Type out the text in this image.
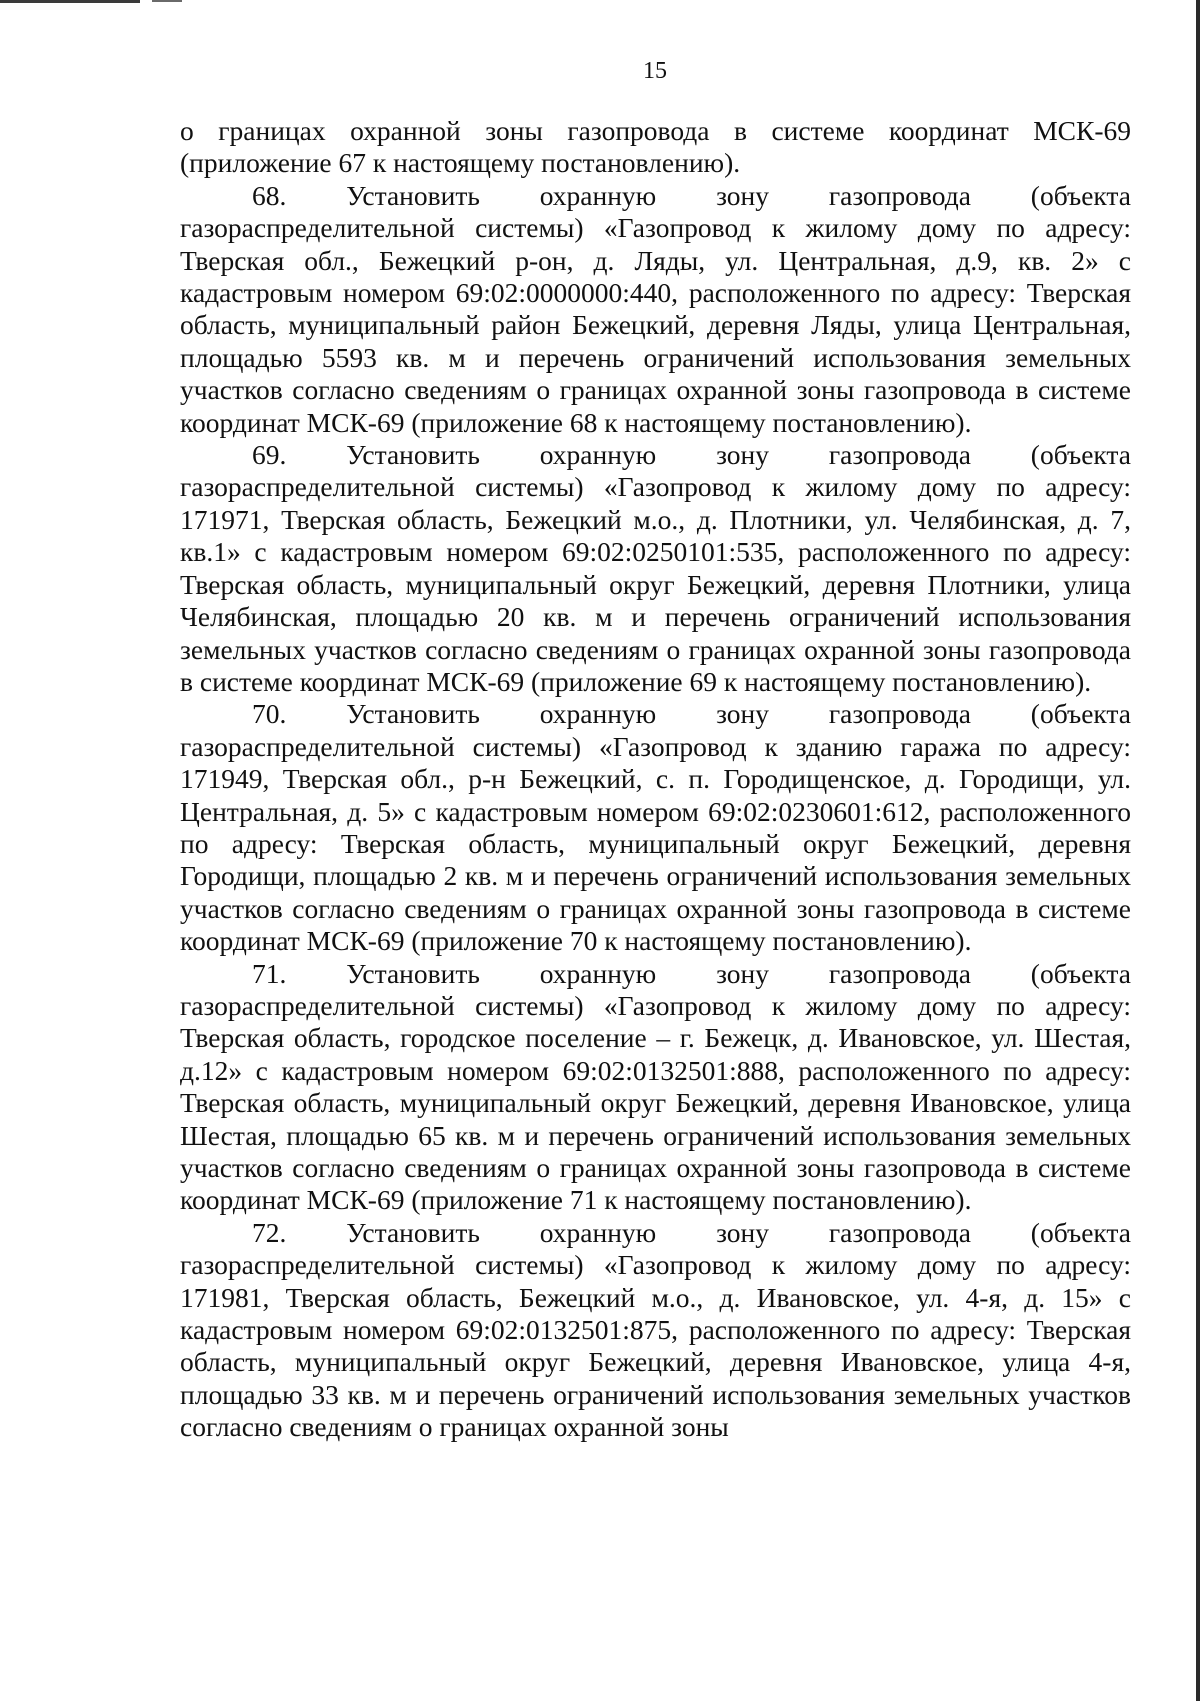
15

о границах охранной зоны газопровода в системе координат МСК-69 (приложение 67 к настоящему постановлению).

68. Установить охранную зону газопровода (объекта газораспределительной системы) «Газопровод к жилому дому по адресу: Тверская обл., Бежецкий р-он, д. Ляды, ул. Центральная, д.9, кв. 2» с кадастровым номером 69:02:0000000:440, расположенного по адресу: Тверская область, муниципальный район Бежецкий, деревня Ляды, улица Центральная, площадью 5593 кв. м и перечень ограничений использования земельных участков согласно сведениям о границах охранной зоны газопровода в системе координат МСК-69 (приложение 68 к настоящему постановлению).

69. Установить охранную зону газопровода (объекта газораспределительной системы) «Газопровод к жилому дому по адресу: 171971, Тверская область, Бежецкий м.о., д. Плотники, ул. Челябинская, д. 7, кв.1» с кадастровым номером 69:02:0250101:535, расположенного по адресу: Тверская область, муниципальный округ Бежецкий, деревня Плотники, улица Челябинская, площадью 20 кв. м и перечень ограничений использования земельных участков согласно сведениям о границах охранной зоны газопровода в системе координат МСК-69 (приложение 69 к настоящему постановлению).

70. Установить охранную зону газопровода (объекта газораспределительной системы) «Газопровод к зданию гаража по адресу: 171949, Тверская обл., р-н Бежецкий, с. п. Городищенское, д. Городищи, ул. Центральная, д. 5» с кадастровым номером 69:02:0230601:612, расположенного по адресу: Тверская область, муниципальный округ Бежецкий, деревня Городищи, площадью 2 кв. м и перечень ограничений использования земельных участков согласно сведениям о границах охранной зоны газопровода в системе координат МСК-69 (приложение 70 к настоящему постановлению).

71. Установить охранную зону газопровода (объекта газораспределительной системы) «Газопровод к жилому дому по адресу: Тверская область, городское поселение – г. Бежецк, д. Ивановское, ул. Шестая, д.12» с кадастровым номером 69:02:0132501:888, расположенного по адресу: Тверская область, муниципальный округ Бежецкий, деревня Ивановское, улица Шестая, площадью 65 кв. м и перечень ограничений использования земельных участков согласно сведениям о границах охранной зоны газопровода в системе координат МСК-69 (приложение 71 к настоящему постановлению).

72. Установить охранную зону газопровода (объекта газораспределительной системы) «Газопровод к жилому дому по адресу: 171981, Тверская область, Бежецкий м.о., д. Ивановское, ул. 4-я, д. 15» с кадастровым номером 69:02:0132501:875, расположенного по адресу: Тверская область, муниципальный округ Бежецкий, деревня Ивановское, улица 4-я, площадью 33 кв. м и перечень ограничений использования земельных участков согласно сведениям о границах охранной зоны
